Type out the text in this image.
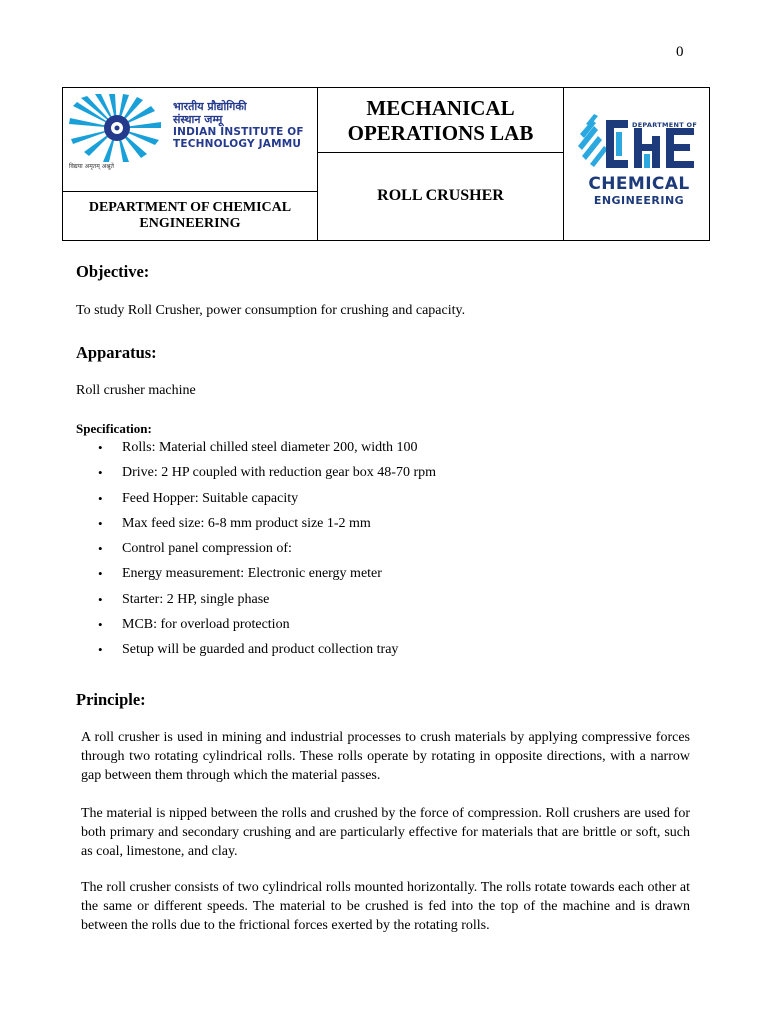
0
भारतीय प्रौद्योगिकी
संस्थान जम्मू
INDIAN INSTITUTE OF
TECHNOLOGY JAMMU
विद्यया अमृतम् अश्नुते
DEPARTMENT OF CHEMICAL ENGINEERING
MECHANICAL
OPERATIONS LAB
ROLL CRUSHER
DEPARTMENT OF
CHEMICAL
ENGINEERING
Objective:
To study Roll Crusher, power consumption for crushing and capacity.
Apparatus:
Roll crusher machine
Specification:
• Rolls: Material chilled steel diameter 200, width 100
• Drive: 2 HP coupled with reduction gear box 48-70 rpm
• Feed Hopper: Suitable capacity
• Max feed size: 6-8 mm product size 1-2 mm
• Control panel compression of:
• Energy measurement: Electronic energy meter
• Starter: 2 HP, single phase
• MCB: for overload protection
• Setup will be guarded and product collection tray
Principle:

A roll crusher is used in mining and industrial processes to crush materials by applying compressive forces through two rotating cylindrical rolls. These rolls operate by rotating in opposite directions, with a narrow gap between them through which the material passes.

The material is nipped between the rolls and crushed by the force of compression. Roll crushers are used for both primary and secondary crushing and are particularly effective for materials that are brittle or soft, such as coal, limestone, and clay.

The roll crusher consists of two cylindrical rolls mounted horizontally. The rolls rotate towards each other at the same or different speeds. The material to be crushed is fed into the top of the machine and is drawn between the rolls due to the frictional forces exerted by the rotating rolls.
